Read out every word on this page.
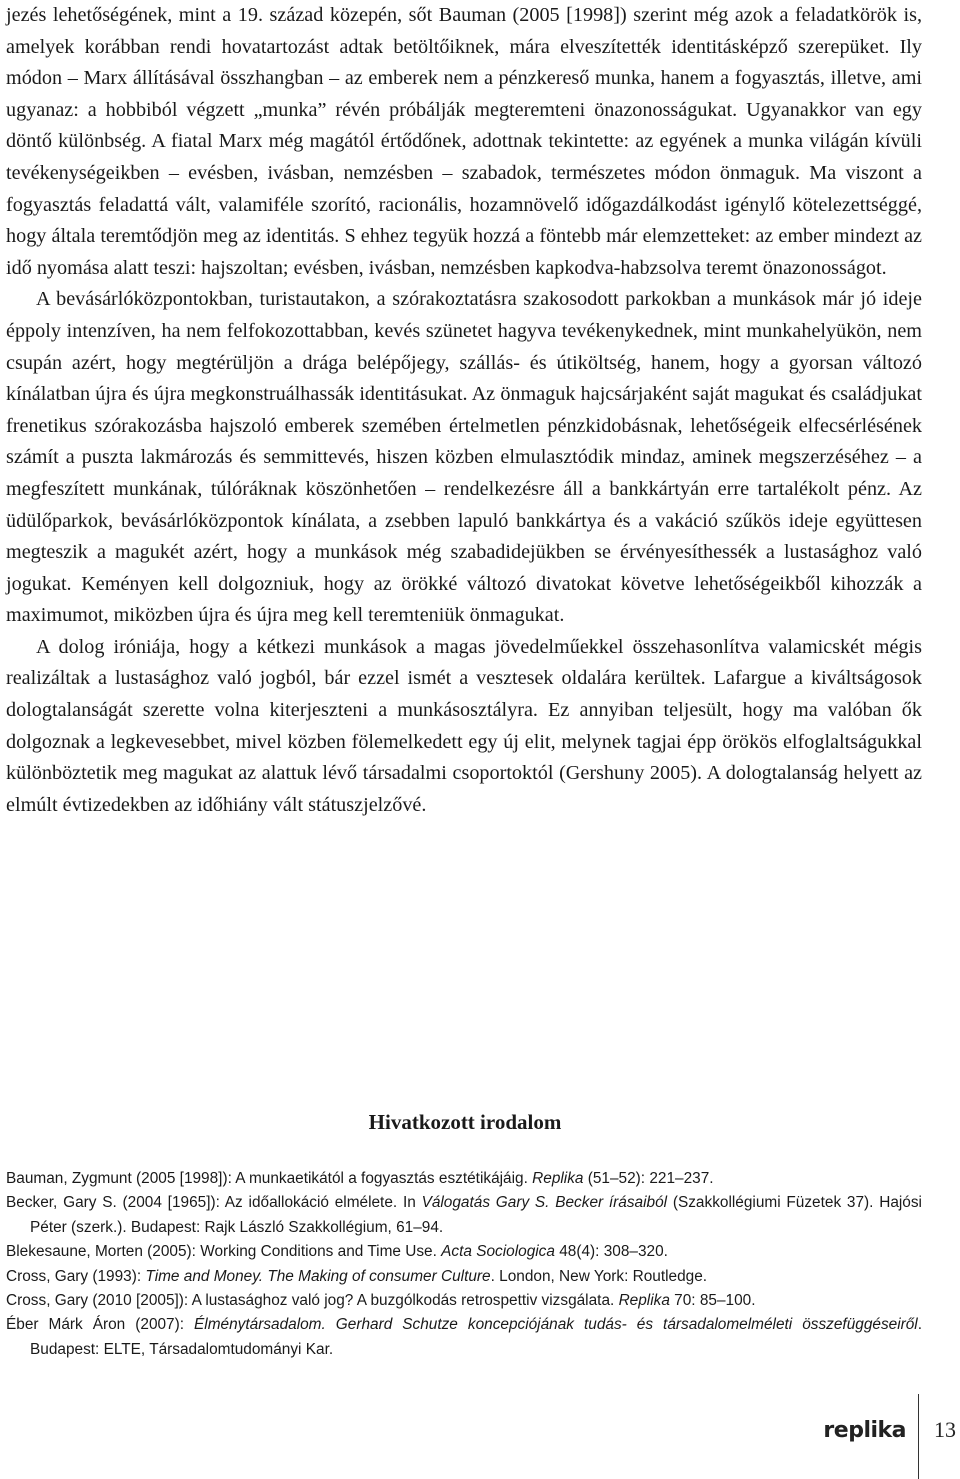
jezés lehetőségének, mint a 19. század közepén, sőt Bauman (2005 [1998]) szerint még azok a feladatkörök is, amelyek korábban rendi hovatartozást adtak betöltőiknek, mára elveszítették identitásképző szerepüket. Ily módon – Marx állításával összhangban – az emberek nem a pénzkereső munka, hanem a fogyasztás, illetve, ami ugyanaz: a hobbiból végzett „munka” révén próbálják megteremteni önazonosságukat. Ugyanakkor van egy döntő különbség. A fiatal Marx még magától értődőnek, adottnak tekintette: az egyének a munka világán kívüli tevékenységeikben – evésben, ivásban, nemzésben – szabadok, természetes módon önmaguk. Ma viszont a fogyasztás feladattá vált, valamiféle szorító, racionális, hozamnövelő időgazdálkodást igénylő kötelezettséggé, hogy általa teremtődjön meg az identitás. S ehhez tegyük hozzá a föntebb már elemzetteket: az ember mindezt az idő nyomása alatt teszi: hajszoltan; evésben, ivásban, nemzésben kapkodva-habzsolva teremt önazonosságot.

A bevásárlóközpontokban, turistautakon, a szórakoztatásra szakosodott parkokban a munkások már jó ideje éppoly intenzíven, ha nem felfokozottabban, kevés szünetet hagyva tevékenykednek, mint munkahelyükön, nem csupán azért, hogy megtérüljön a drága belépőjegy, szállás- és útiköltség, hanem, hogy a gyorsan változó kínálatban újra és újra megkonstruálhassák identitásukat. Az önmaguk hajcsárjaként saját magukat és családjukat frenetikus szórakozásba hajszoló emberek szemében értelmetlen pénzkidobásnak, lehetőségeik elfecsérlésének számít a puszta lakmározás és semmittevés, hiszen közben elmulasztódik mindaz, aminek megszerzéséhez – a megfeszített munkának, túlóráknak köszönhetően – rendelkezésre áll a bankkártyán erre tartalékolt pénz. Az üdülőparkok, bevásárlóközpontok kínálata, a zsebben lapuló bankkártya és a vakáció szűkös ideje együttesen megteszik a magukét azért, hogy a munkások még szabadidejükben se érvényesíthessék a lustasághoz való jogukat. Keményen kell dolgozniuk, hogy az örökké változó divatokat követve lehetőségeikből kihozzák a maximumot, miközben újra és újra meg kell teremteniük önmagukat.

A dolog iróniája, hogy a kétkezi munkások a magas jövedelműekkel összehasonlítva valamicskét mégis realizáltak a lustasághoz való jogból, bár ezzel ismét a vesztesek oldalára kerültek. Lafargue a kiváltságosok dologtalanságát szerette volna kiterjeszteni a munkásosztályra. Ez annyiban teljesült, hogy ma valóban ők dolgoznak a legkevesebbet, mivel közben fölemelkedett egy új elit, melynek tagjai épp örökös elfoglaltságukkal különböztetik meg magukat az alattuk lévő társadalmi csoportoktól (Gershuny 2005). A dologtalanság helyett az elmúlt évtizedekben az időhiány vált státuszjelzővé.

Hivatkozott irodalom

Bauman, Zygmunt (2005 [1998]): A munkaetikától a fogyasztás esztétikájáig. Replika (51–52): 221–237.

Becker, Gary S. (2004 [1965]): Az időallokáció elmélete. In Válogatás Gary S. Becker írásaiból (Szakkollégiumi Füzetek 37). Hajósi Péter (szerk.). Budapest: Rajk László Szakkollégium, 61–94.

Blekesaune, Morten (2005): Working Conditions and Time Use. Acta Sociologica 48(4): 308–320.

Cross, Gary (1993): Time and Money. The Making of consumer Culture. London, New York: Routledge.

Cross, Gary (2010 [2005]): A lustasághoz való jog? A buzgólkodás retrospettiv vizsgálata. Replika 70: 85–100.

Éber Márk Áron (2007): Élménytársadalom. Gerhard Schutze koncepciójának tudás- és társadalomelméleti összefüggéseiről. Budapest: ELTE, Társadalomtudományi Kar.

replika 13
